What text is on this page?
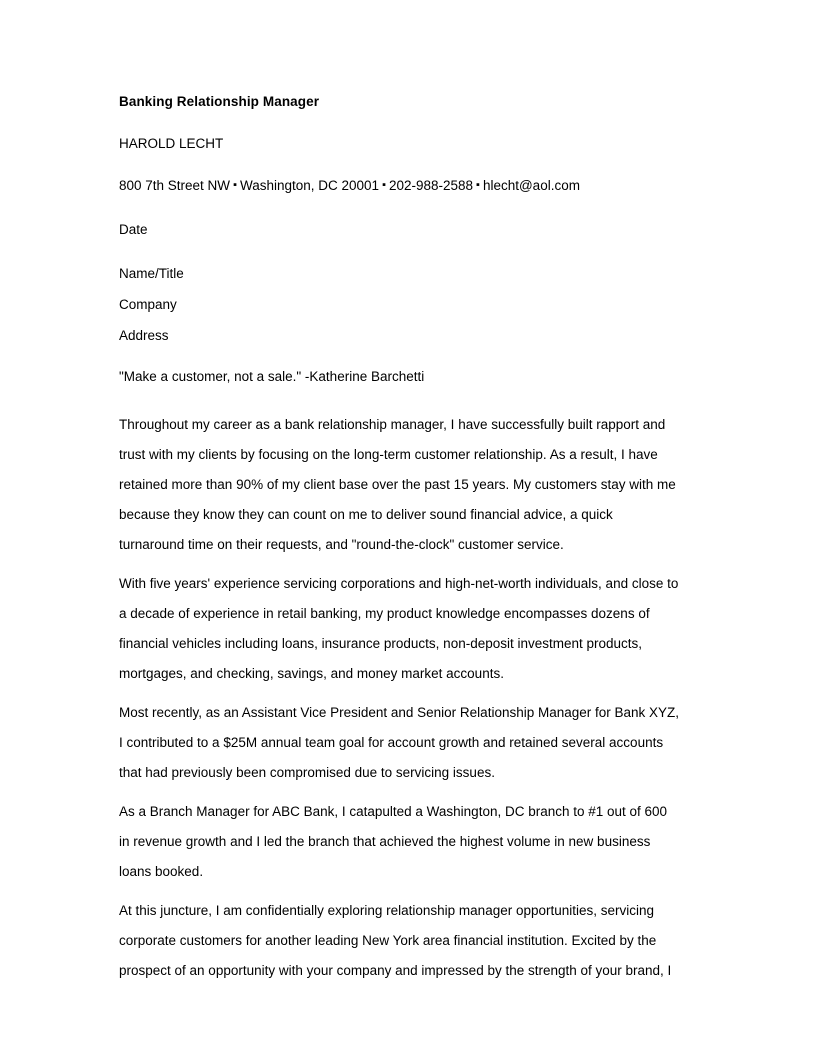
Banking Relationship Manager
HAROLD LECHT
800 7th Street NW ▪ Washington, DC 20001 ▪ 202-988-2588 ▪ hlecht@aol.com
Date
Name/Title
Company
Address
"Make a customer, not a sale." -Katherine Barchetti

Throughout my career as a bank relationship manager, I have successfully built rapport and trust with my clients by focusing on the long-term customer relationship. As a result, I have retained more than 90% of my client base over the past 15 years. My customers stay with me because they know they can count on me to deliver sound financial advice, a quick turnaround time on their requests, and "round-the-clock" customer service.

With five years' experience servicing corporations and high-net-worth individuals, and close to a decade of experience in retail banking, my product knowledge encompasses dozens of financial vehicles including loans, insurance products, non-deposit investment products, mortgages, and checking, savings, and money market accounts.

Most recently, as an Assistant Vice President and Senior Relationship Manager for Bank XYZ, I contributed to a $25M annual team goal for account growth and retained several accounts that had previously been compromised due to servicing issues.

As a Branch Manager for ABC Bank, I catapulted a Washington, DC branch to #1 out of 600 in revenue growth and I led the branch that achieved the highest volume in new business loans booked.

At this juncture, I am confidentially exploring relationship manager opportunities, servicing corporate customers for another leading New York area financial institution. Excited by the prospect of an opportunity with your company and impressed by the strength of your brand, I
